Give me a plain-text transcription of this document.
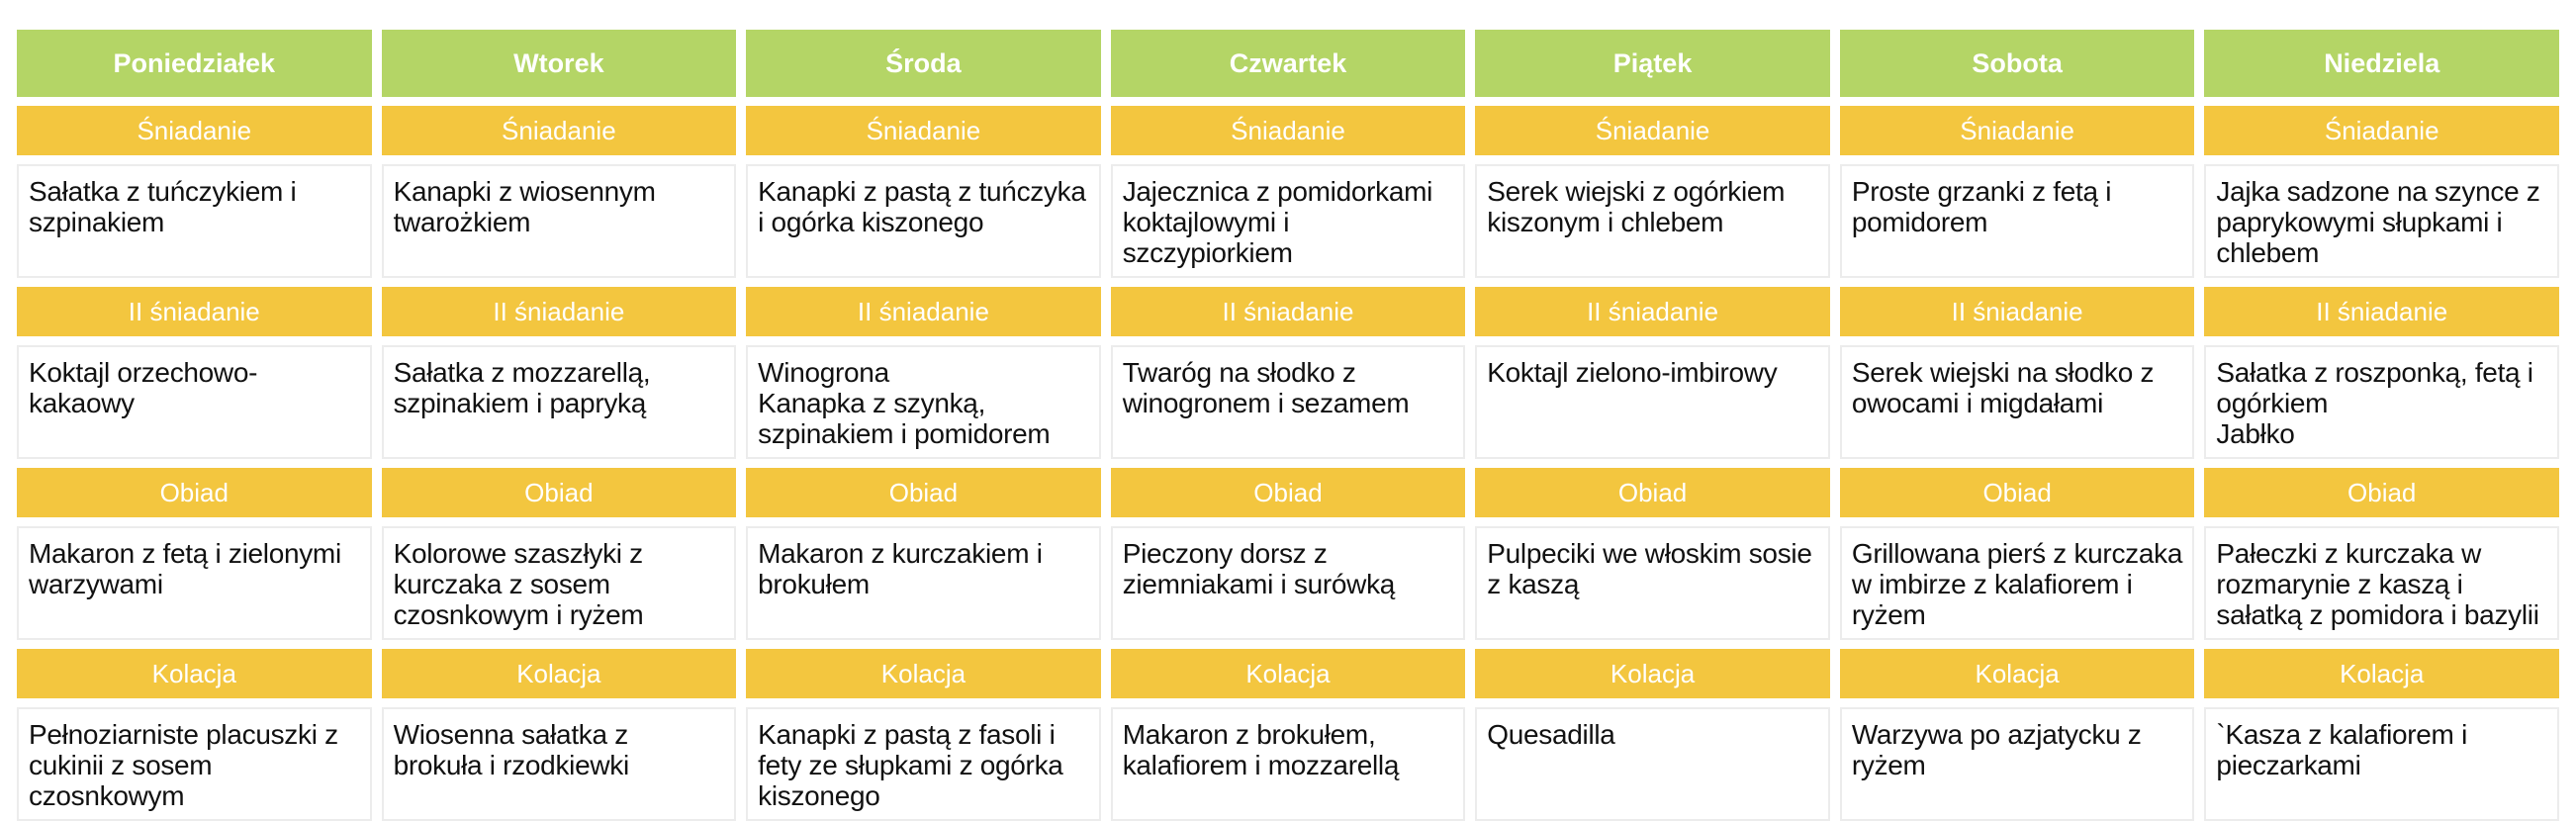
Poniedziałek
Śniadanie
Sałatka z tuńczykiem i szpinakiem
II śniadanie
Koktajl orzechowo-kakaowy
Obiad
Makaron z fetą i zielonymi warzywami
Kolacja
Pełnoziarniste placuszki z cukinii z sosem czosnkowym
Wtorek
Śniadanie
Kanapki z wiosennym twarożkiem
II śniadanie
Sałatka z mozzarellą, szpinakiem i papryką
Obiad
Kolorowe szaszłyki z kurczaka z sosem czosnkowym i ryżem
Kolacja
Wiosenna sałatka z brokuła i rzodkiewki
Środa
Śniadanie
Kanapki z pastą z tuńczyka i ogórka kiszonego
II śniadanie
Winogrona
Kanapka z szynką, szpinakiem i pomidorem
Obiad
Makaron z kurczakiem i brokułem
Kolacja
Kanapki z pastą z fasoli i fety ze słupkami z ogórka kiszonego
Czwartek
Śniadanie
Jajecznica z pomidorkami koktajlowymi i szczypiorkiem
II śniadanie
Twaróg na słodko z winogronem i sezamem
Obiad
Pieczony dorsz z ziemniakami i surówką
Kolacja
Makaron z brokułem, kalafiorem i mozzarellą
Piątek
Śniadanie
Serek wiejski z ogórkiem kiszonym i chlebem
II śniadanie
Koktajl zielono-imbirowy
Obiad
Pulpeciki we włoskim sosie z kaszą
Kolacja
Quesadilla
Sobota
Śniadanie
Proste grzanki z fetą i pomidorem
II śniadanie
Serek wiejski na słodko z owocami i migdałami
Obiad
Grillowana pierś z kurczaka w imbirze z kalafiorem i ryżem
Kolacja
Warzywa po azjatycku z ryżem
Niedziela
Śniadanie
Jajka sadzone na szynce z paprykowymi słupkami i chlebem
II śniadanie
Sałatka z roszponką, fetą i ogórkiem
Jabłko
Obiad
Pałeczki z kurczaka w rozmarynie z kaszą i sałatką z pomidora i bazylii
Kolacja
`Kasza z kalafiorem i pieczarkami
